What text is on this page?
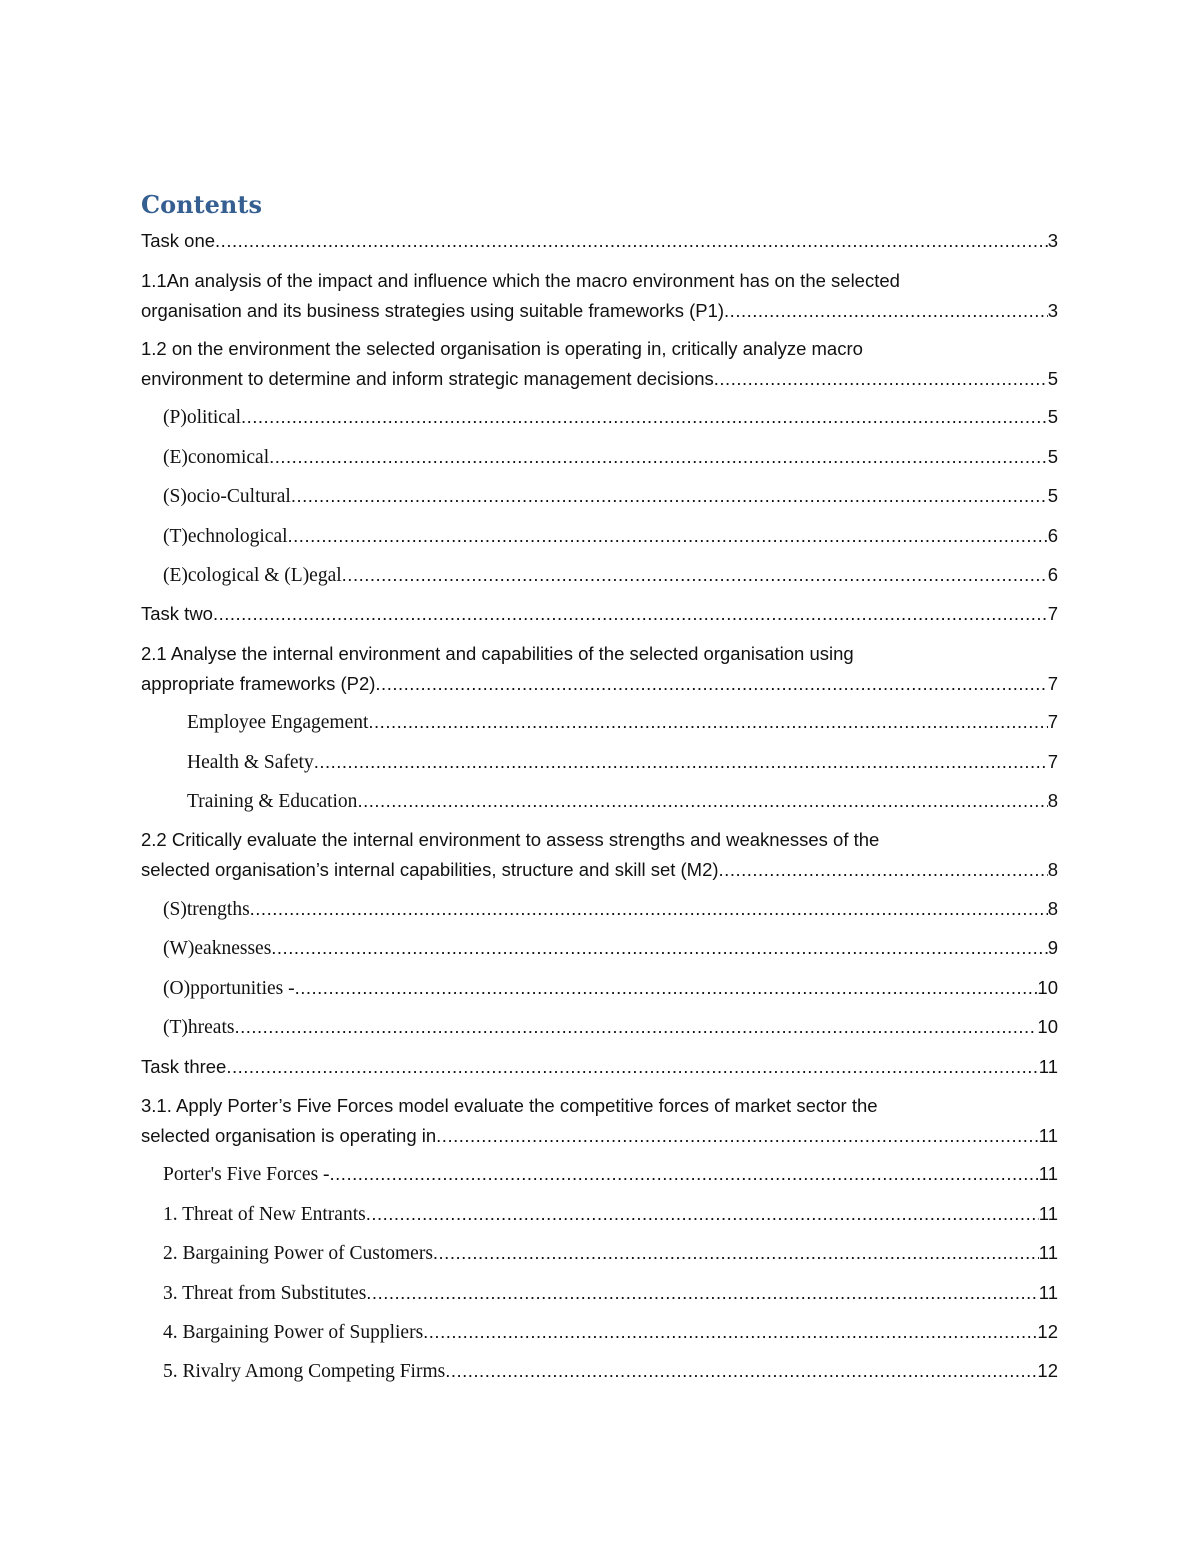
Contents
Task one .....	3
1.1An analysis of the impact and influence which the macro environment has on the selected
organisation and its business strategies using suitable frameworks (P1) .....	3
1.2 on the environment the selected organisation is operating in, critically analyze macro
environment to determine and inform strategic management decisions .....	5
(P)olitical .....	5
(E)conomical .....	5
(S)ocio-Cultural .....	5
(T)echnological .....	6
(E)cological & (L)egal .....	6
Task two .....	7
2.1 Analyse the internal environment and capabilities of the selected organisation using
appropriate frameworks (P2) .....	7
Employee Engagement .....	7
Health & Safety .....	7
Training & Education .....	8
2.2 Critically evaluate the internal environment to assess strengths and weaknesses of the
selected organisation’s internal capabilities, structure and skill set (M2) .....	8
(S)trengths .....	8
(W)eaknesses .....	9
(O)pportunities - .....	10
(T)hreats .....	10
Task three .....	11
3.1. Apply Porter’s Five Forces model evaluate the competitive forces of market sector the
selected organisation is operating in .....	11
Porter's Five Forces - .....	11
1. Threat of New Entrants .....	11
2. Bargaining Power of Customers .....	11
3. Threat from Substitutes .....	11
4. Bargaining Power of Suppliers .....	12
5. Rivalry Among Competing Firms .....	12
